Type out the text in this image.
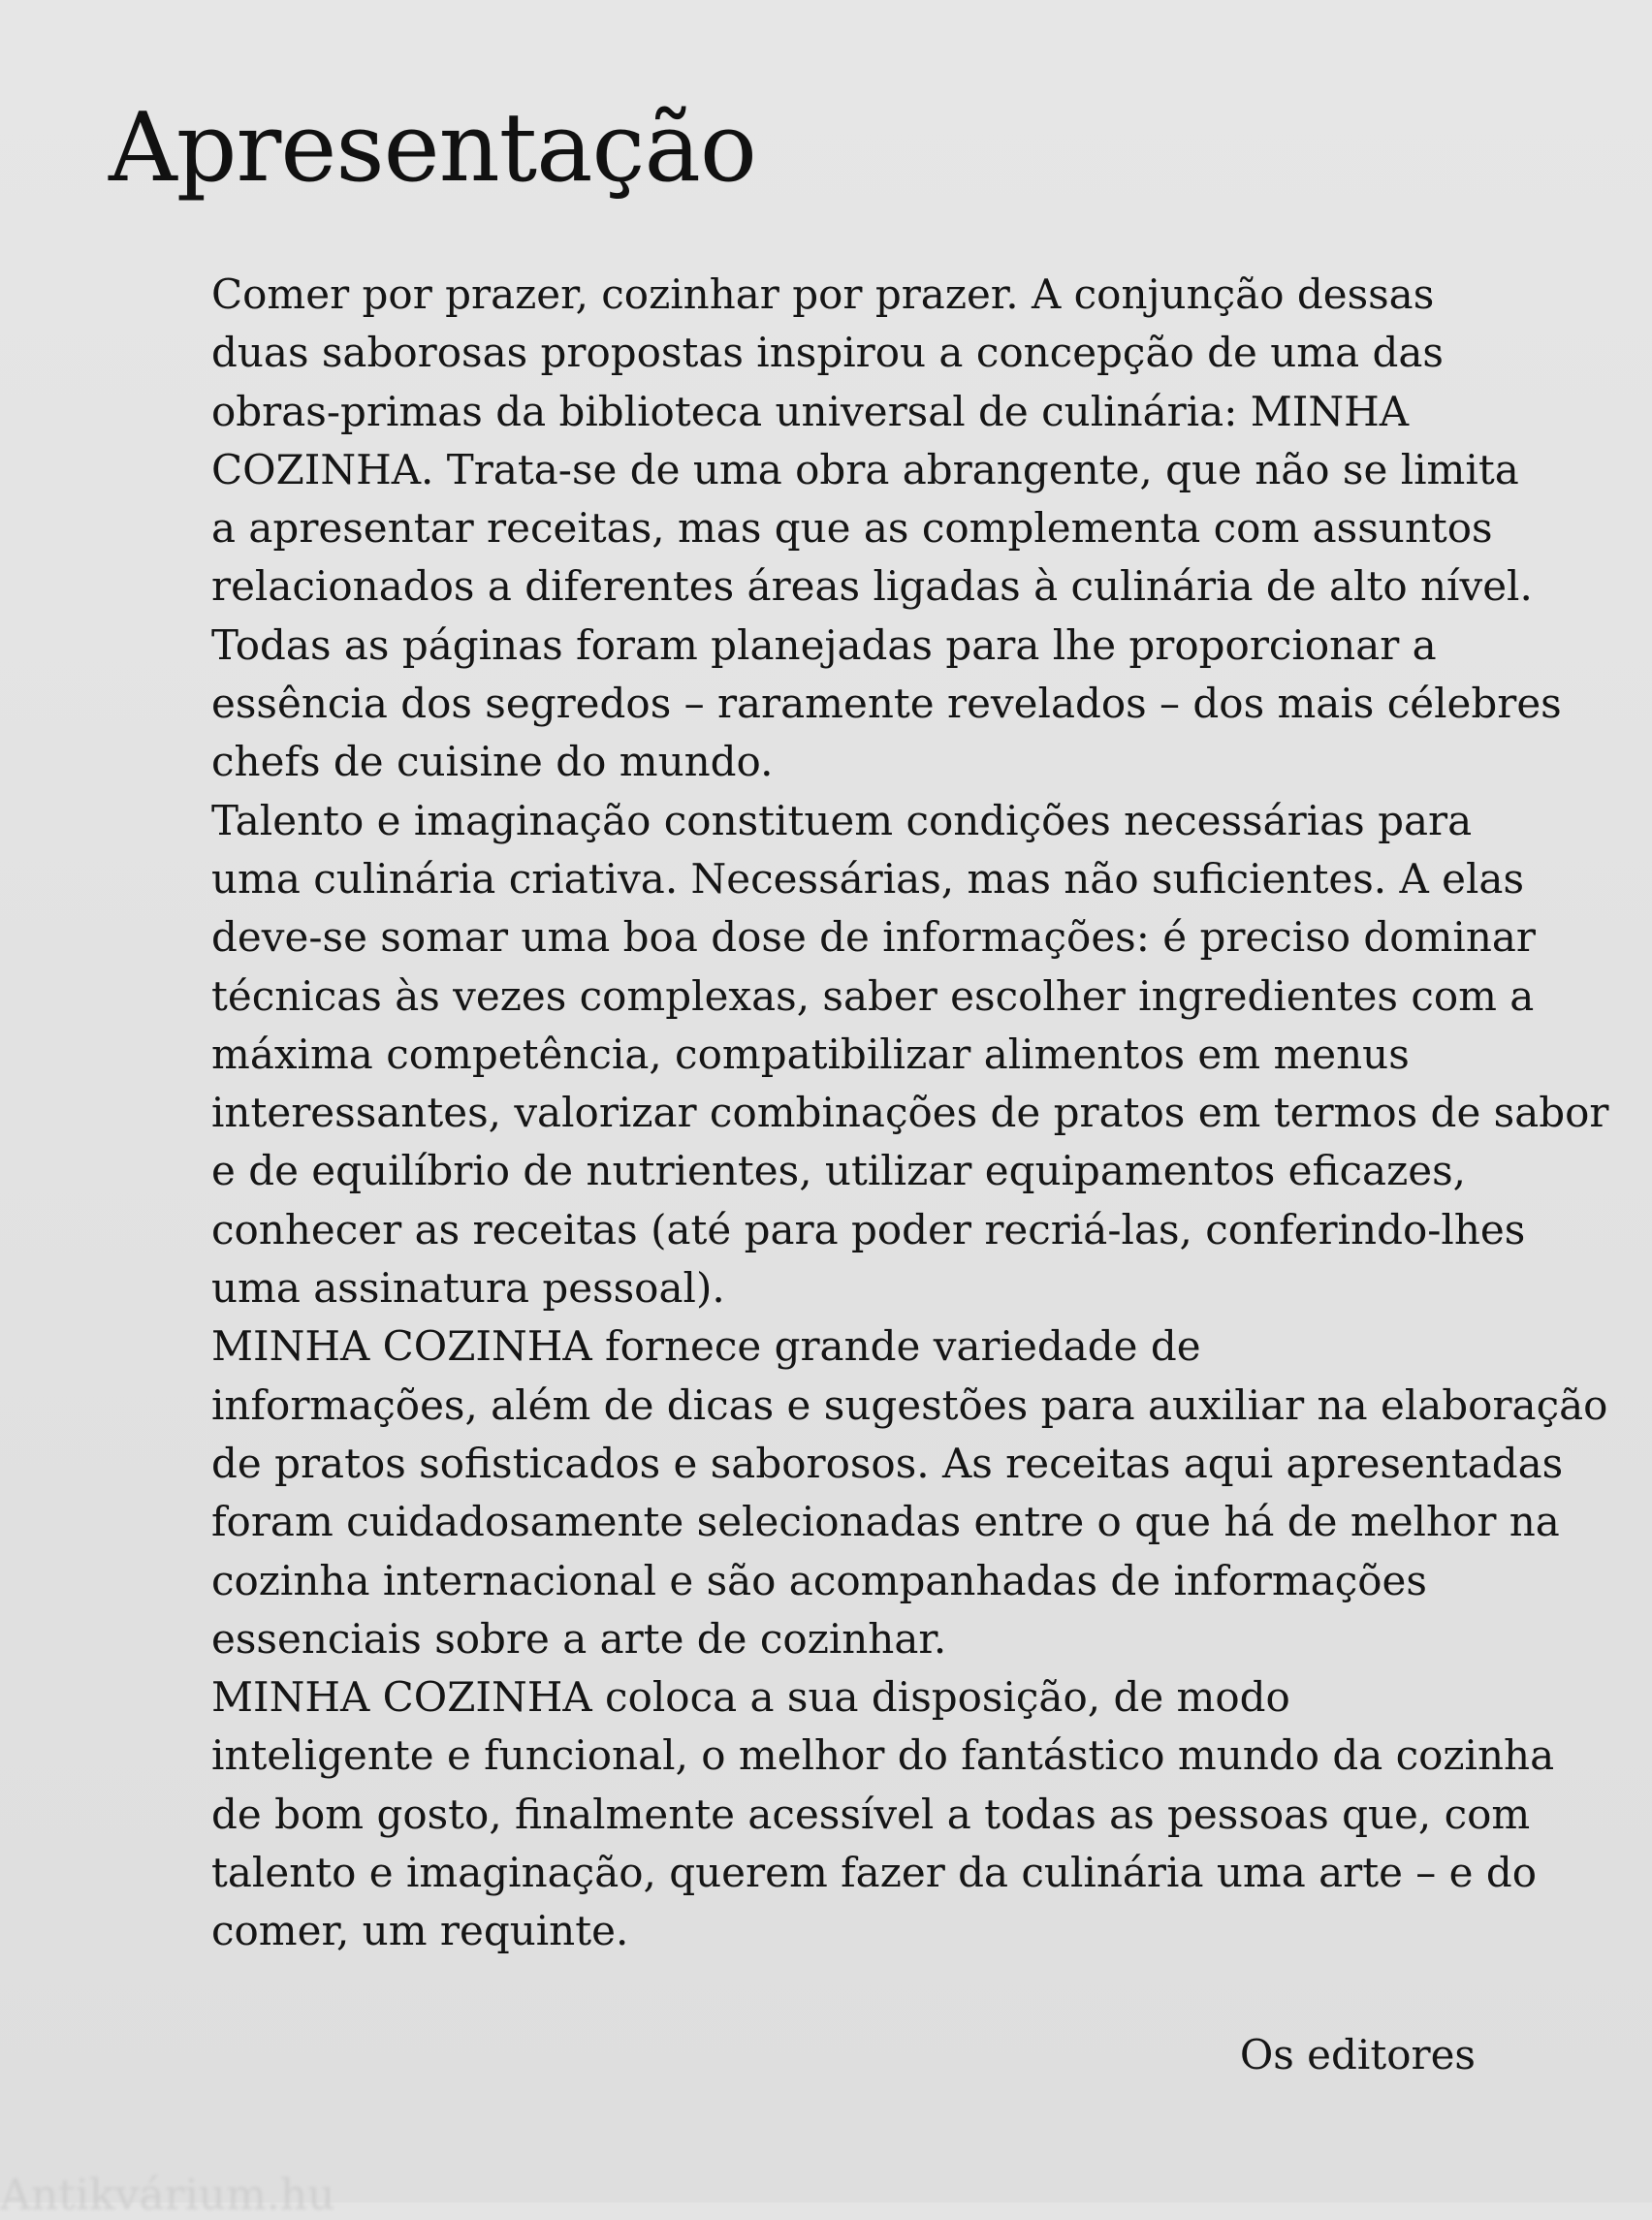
Apresentação

Comer por prazer, cozinhar por prazer. A conjunção dessas
duas saborosas propostas inspirou a concepção de uma das
obras-primas da biblioteca universal de culinária: MINHA
COZINHA. Trata-se de uma obra abrangente, que não se limita
a apresentar receitas, mas que as complementa com assuntos
relacionados a diferentes áreas ligadas à culinária de alto nível.
Todas as páginas foram planejadas para lhe proporcionar a
essência dos segredos – raramente revelados – dos mais célebres
chefs de cuisine do mundo.

Talento e imaginação constituem condições necessárias para
uma culinária criativa. Necessárias, mas não suficientes. A elas
deve-se somar uma boa dose de informações: é preciso dominar
técnicas às vezes complexas, saber escolher ingredientes com a
máxima competência, compatibilizar alimentos em menus
interessantes, valorizar combinações de pratos em termos de sabor
e de equilíbrio de nutrientes, utilizar equipamentos eficazes,
conhecer as receitas (até para poder recriá-las, conferindo-lhes
uma assinatura pessoal).

MINHA COZINHA fornece grande variedade de
informações, além de dicas e sugestões para auxiliar na elaboração
de pratos sofisticados e saborosos. As receitas aqui apresentadas
foram cuidadosamente selecionadas entre o que há de melhor na
cozinha internacional e são acompanhadas de informações
essenciais sobre a arte de cozinhar.

MINHA COZINHA coloca a sua disposição, de modo
inteligente e funcional, o melhor do fantástico mundo da cozinha
de bom gosto, finalmente acessível a todas as pessoas que, com
talento e imaginação, querem fazer da culinária uma arte – e do
comer, um requinte.

Os editores

Antikvárium.hu
